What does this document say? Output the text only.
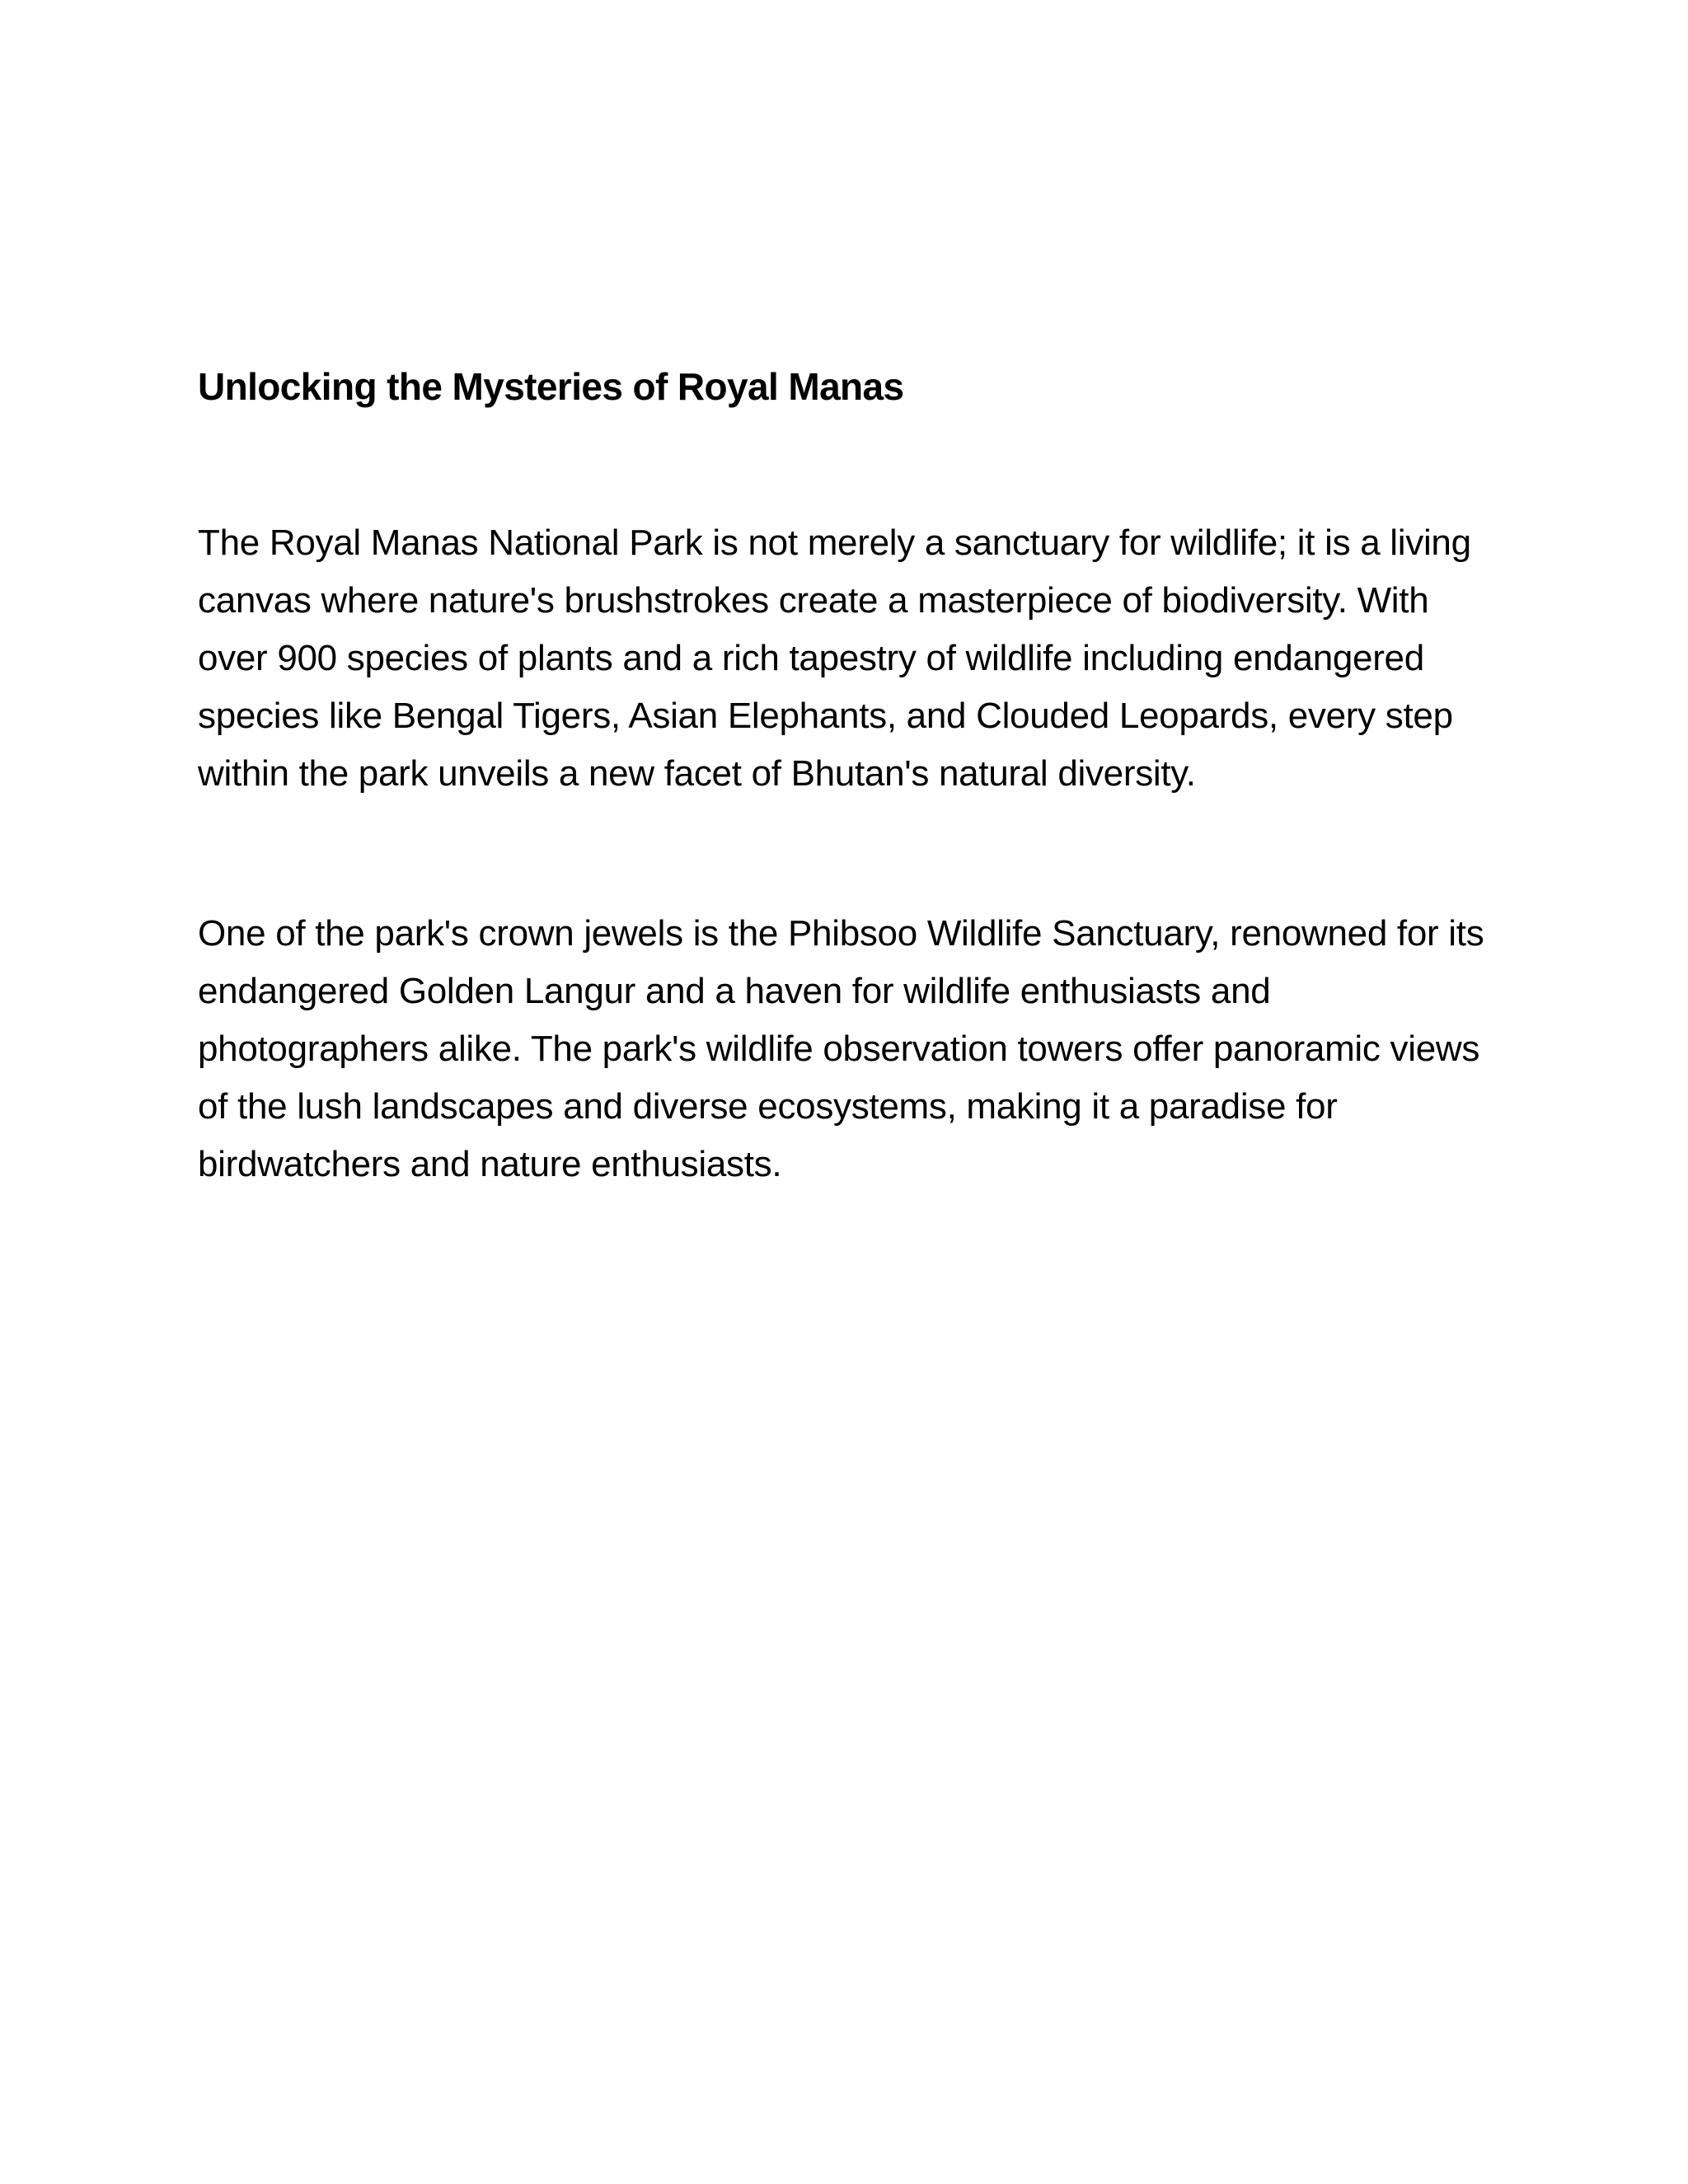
Unlocking the Mysteries of Royal Manas

The Royal Manas National Park is not merely a sanctuary for wildlife; it is a living canvas where nature's brushstrokes create a masterpiece of biodiversity. With over 900 species of plants and a rich tapestry of wildlife including endangered species like Bengal Tigers, Asian Elephants, and Clouded Leopards, every step within the park unveils a new facet of Bhutan's natural diversity.

One of the park's crown jewels is the Phibsoo Wildlife Sanctuary, renowned for its endangered Golden Langur and a haven for wildlife enthusiasts and photographers alike. The park's wildlife observation towers offer panoramic views of the lush landscapes and diverse ecosystems, making it a paradise for birdwatchers and nature enthusiasts.
